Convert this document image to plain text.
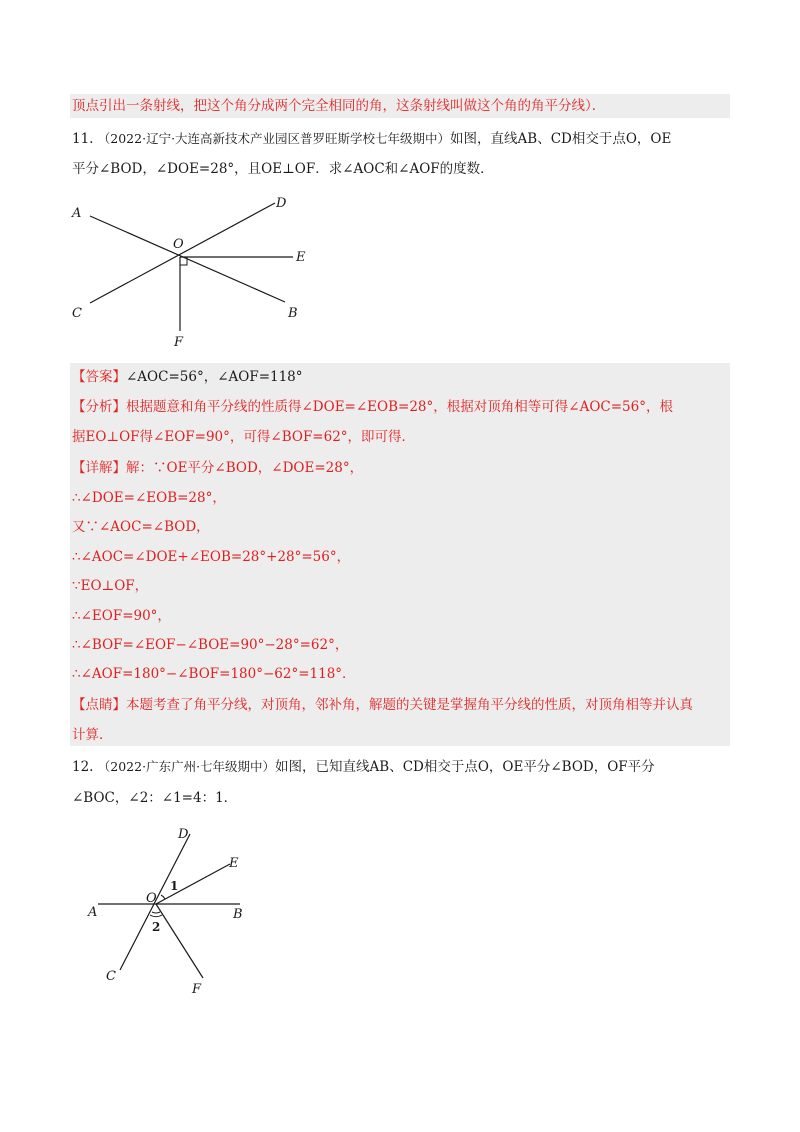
顶点引出一条射线，把这个角分成两个完全相同的角，这条射线叫做这个角的角平分线）．
11. （2022·辽宁·大连高新技术产业园区普罗旺斯学校七年级期中）如图，直线AB、CD相交于点O，OE
平分∠BOD，∠DOE=28°，且OE⊥OF．求∠AOC和∠AOF的度数．
A
D
O
E
C	B
F
【答案】∠AOC=56°，∠AOF=118°
【分析】根据题意和角平分线的性质得∠DOE=∠EOB=28°，根据对顶角相等可得∠AOC=56°，根
据EO⊥OF得∠EOF=90°，可得∠BOF=62°，即可得．
【详解】解：∵OE平分∠BOD，∠DOE=28°，
∴∠DOE=∠EOB=28°，
又∵∠AOC=∠BOD，
∴∠AOC=∠DOE+∠EOB=28°+28°=56°，
∵EO⊥OF，
∴∠EOF=90°，
∴∠BOF=∠EOF−∠BOE=90°−28°=62°，
∴∠AOF=180°−∠BOF=180°−62°=118°．
【点睛】本题考查了角平分线，对顶角，邻补角，解题的关键是掌握角平分线的性质，对顶角相等并认真
计算．
12. （2022·广东广州·七年级期中）如图，已知直线AB、CD相交于点O，OE平分∠BOD，OF平分
∠BOC，∠2：∠1=4：1．
D
E
O
1
A	B
2
C
F
